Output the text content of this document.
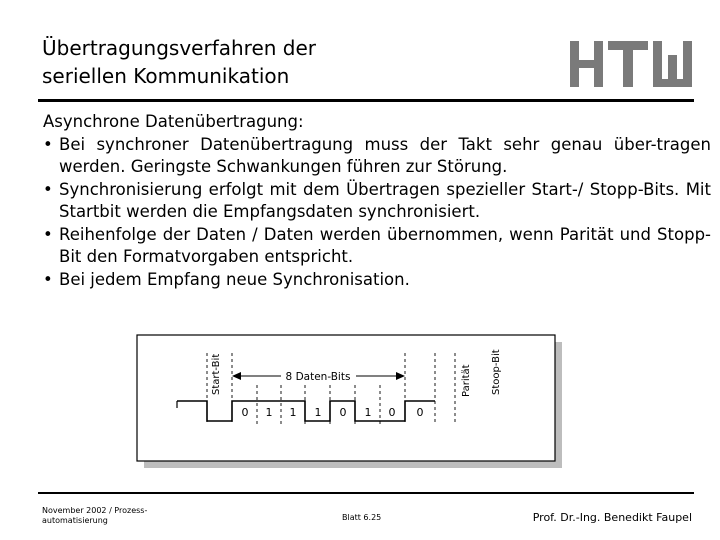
Übertragungsverfahren der
seriellen Kommunikation
Asynchrone Datenübertragung:
• Bei synchroner Datenübertragung muss der Takt sehr genau über-tragen werden. Geringste Schwankungen führen zur Störung.
• Synchronisierung erfolgt mit dem Übertragen spezieller Start-/ Stopp-Bits. Mit Startbit werden die Empfangsdaten synchronisiert.
• Reihenfolge der Daten / Daten werden übernommen, wenn Parität und Stopp-Bit den Formatvorgaben entspricht.
• Bei jedem Empfang neue Synchronisation.
8 Daten-Bits
Start-Bit	Parität Stoop-Bit
0 1 1 1 0 1 0 0
November 2002 / Prozess-
automatisierung	Blatt 6.25	Prof. Dr.-Ing. Benedikt Faupel
